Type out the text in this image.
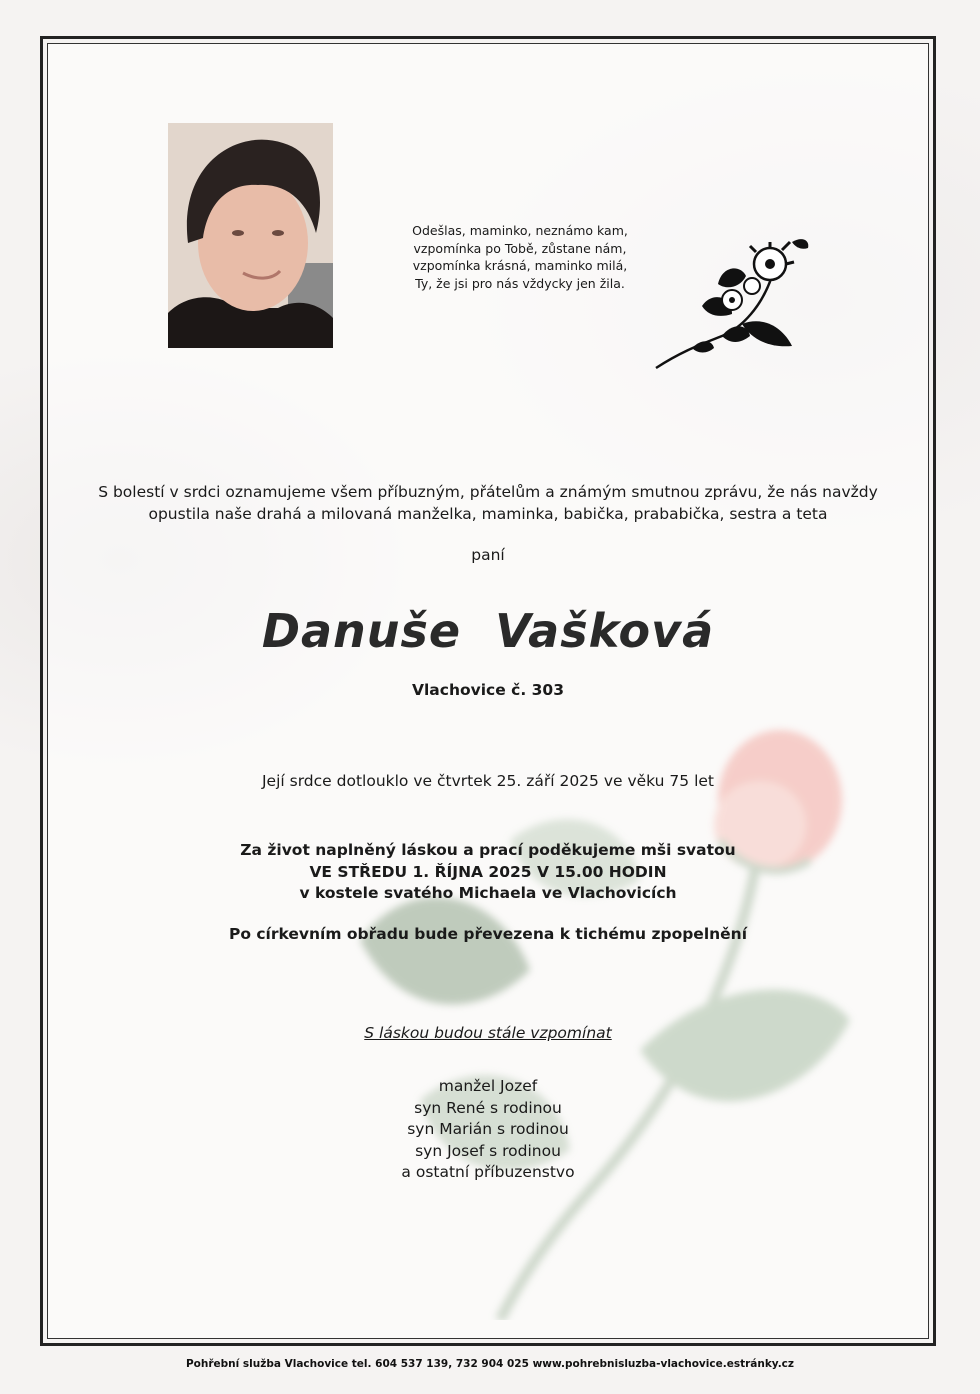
Odešlas, maminko, neznámo kam,
vzpomínka po Tobě, zůstane nám,
vzpomínka krásná, maminko milá,
Ty, že jsi pro nás vždycky jen žila.
S bolestí v srdci oznamujeme všem příbuzným, přátelům a známým smutnou zprávu, že nás navždy
opustila naše drahá a milovaná manželka, maminka, babička, prababička, sestra a teta
paní
Danuše Vašková
Vlachovice č. 303
Její srdce dotlouklo ve čtvrtek 25. září 2025 ve věku 75 let
Za život naplněný láskou a prací poděkujeme mši svatou
VE STŘEDU 1. ŘÍJNA 2025 V 15.00 HODIN
v kostele svatého Michaela ve Vlachovicích
Po církevním obřadu bude převezena k tichému zpopelnění
S láskou budou stále vzpomínat
manžel Jozef
syn René s rodinou
syn Marián s rodinou
syn Josef s rodinou
a ostatní příbuzenstvo
Pohřební služba Vlachovice tel. 604 537 139, 732 904 025 www.pohrebnisluzba-vlachovice.estránky.cz
